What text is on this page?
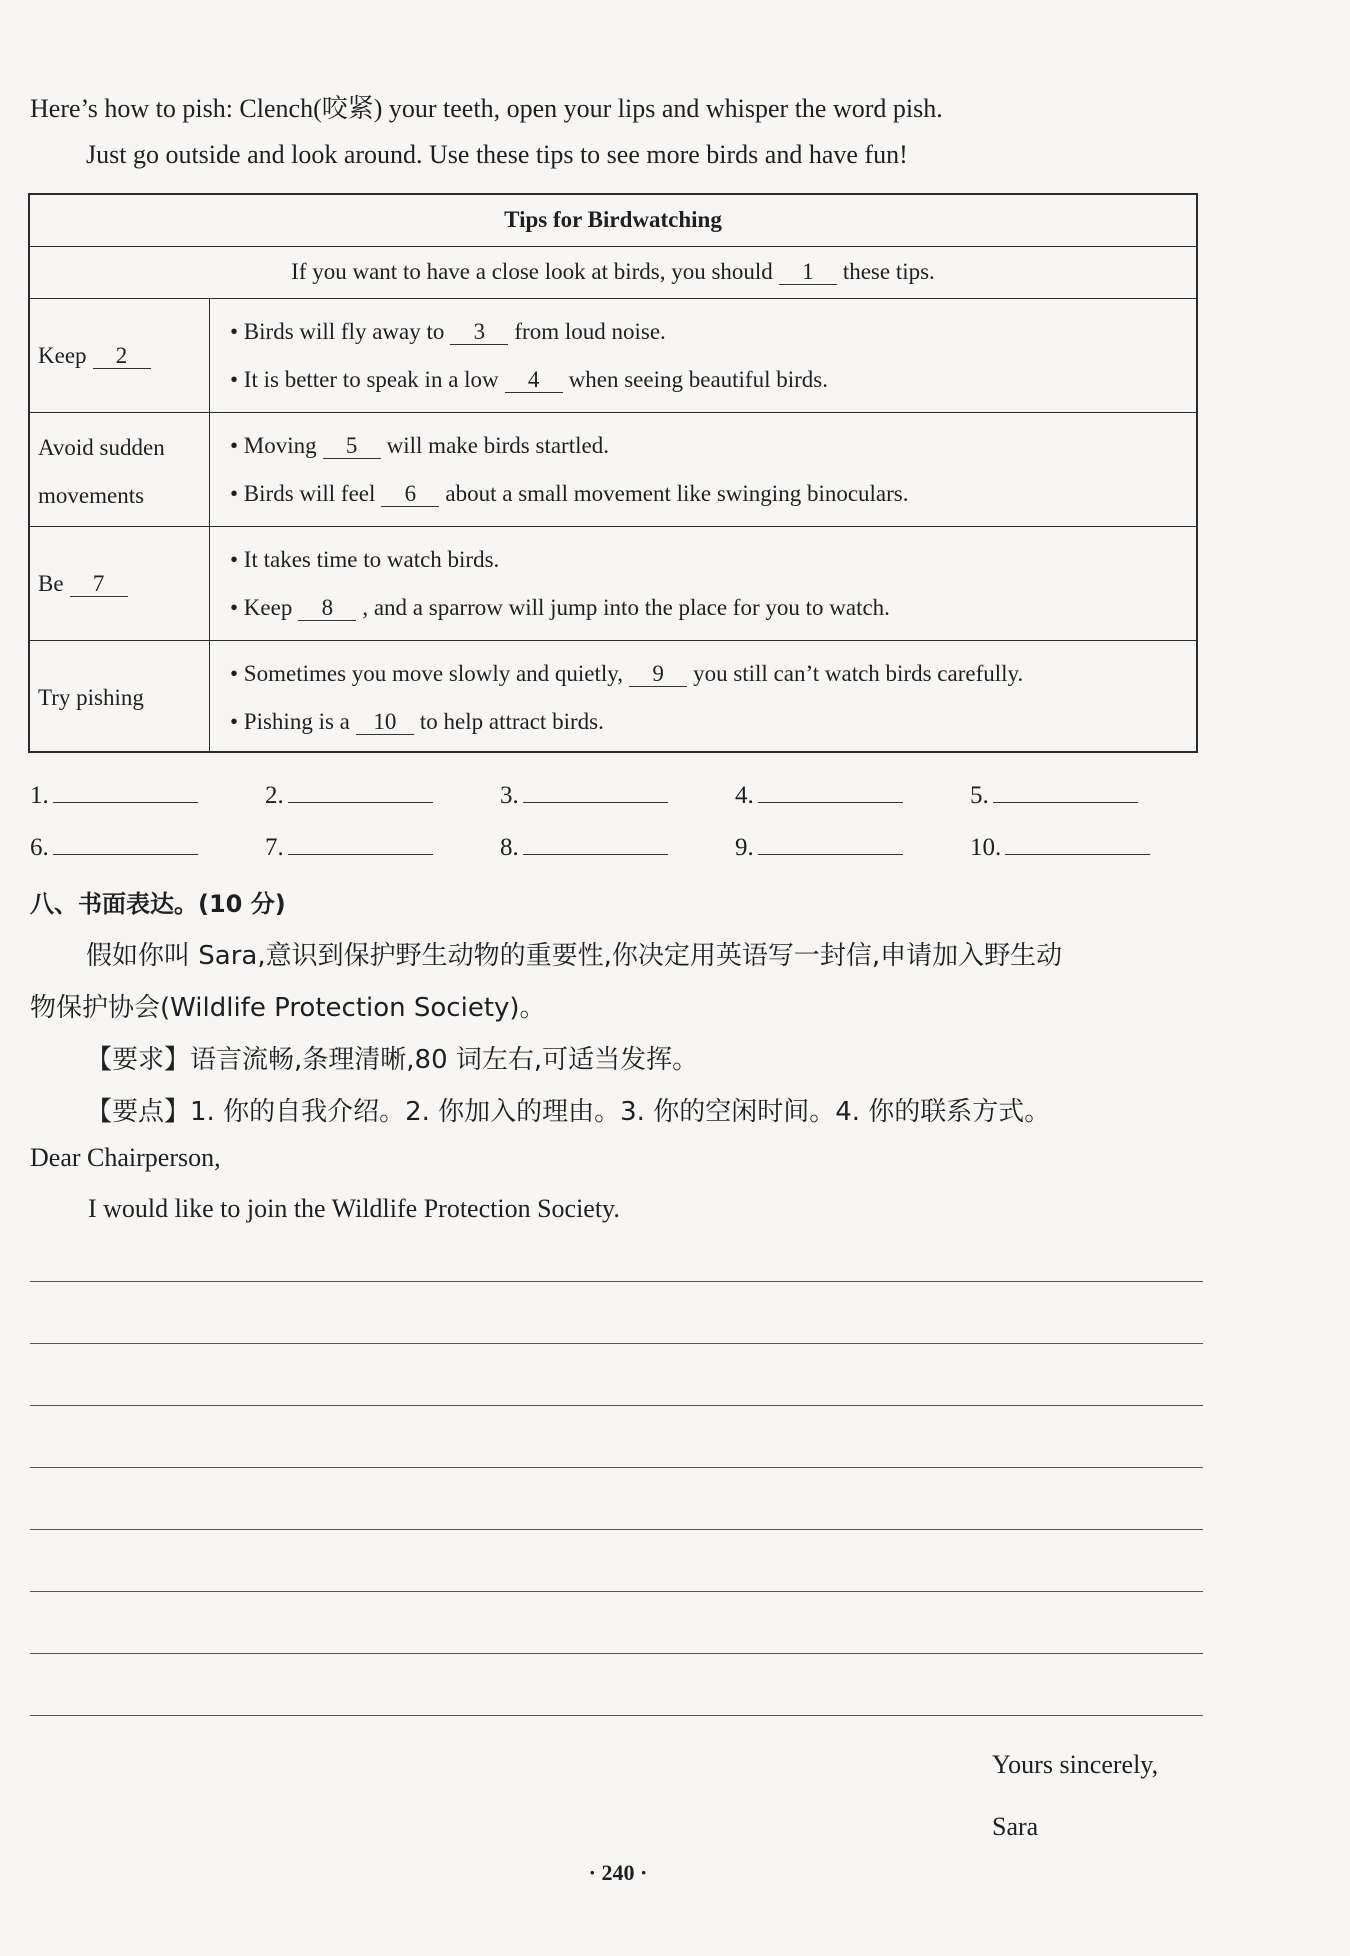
Here’s how to pish: Clench(咬紧) your teeth, open your lips and whisper the word pish.
Just go outside and look around. Use these tips to see more birds and have fun!
Tips for Birdwatching
If you want to have a close look at birds, you should 1 these tips.
Keep 2
• Birds will fly away to 3 from loud noise.
• It is better to speak in a low 4 when seeing beautiful birds.
Avoid sudden
movements
• Moving 5 will make birds startled.
• Birds will feel 6 about a small movement like swinging binoculars.
Be 7
• It takes time to watch birds.
• Keep 8 , and a sparrow will jump into the place for you to watch.
Try pishing
• Sometimes you move slowly and quietly, 9 you still can’t watch birds carefully.
• Pishing is a 10 to help attract birds.
1.	2.	3.	4.	5.
6.	7.	8.	9.	10.
八、书面表达。(10 分)
假如你叫 Sara,意识到保护野生动物的重要性,你决定用英语写一封信,申请加入野生动
物保护协会(Wildlife Protection Society)。
【要求】语言流畅,条理清晰,80 词左右,可适当发挥。
【要点】1. 你的自我介绍。2. 你加入的理由。3. 你的空闲时间。4. 你的联系方式。
Dear Chairperson,
I would like to join the Wildlife Protection Society.
Yours sincerely,
Sara
· 240 ·
